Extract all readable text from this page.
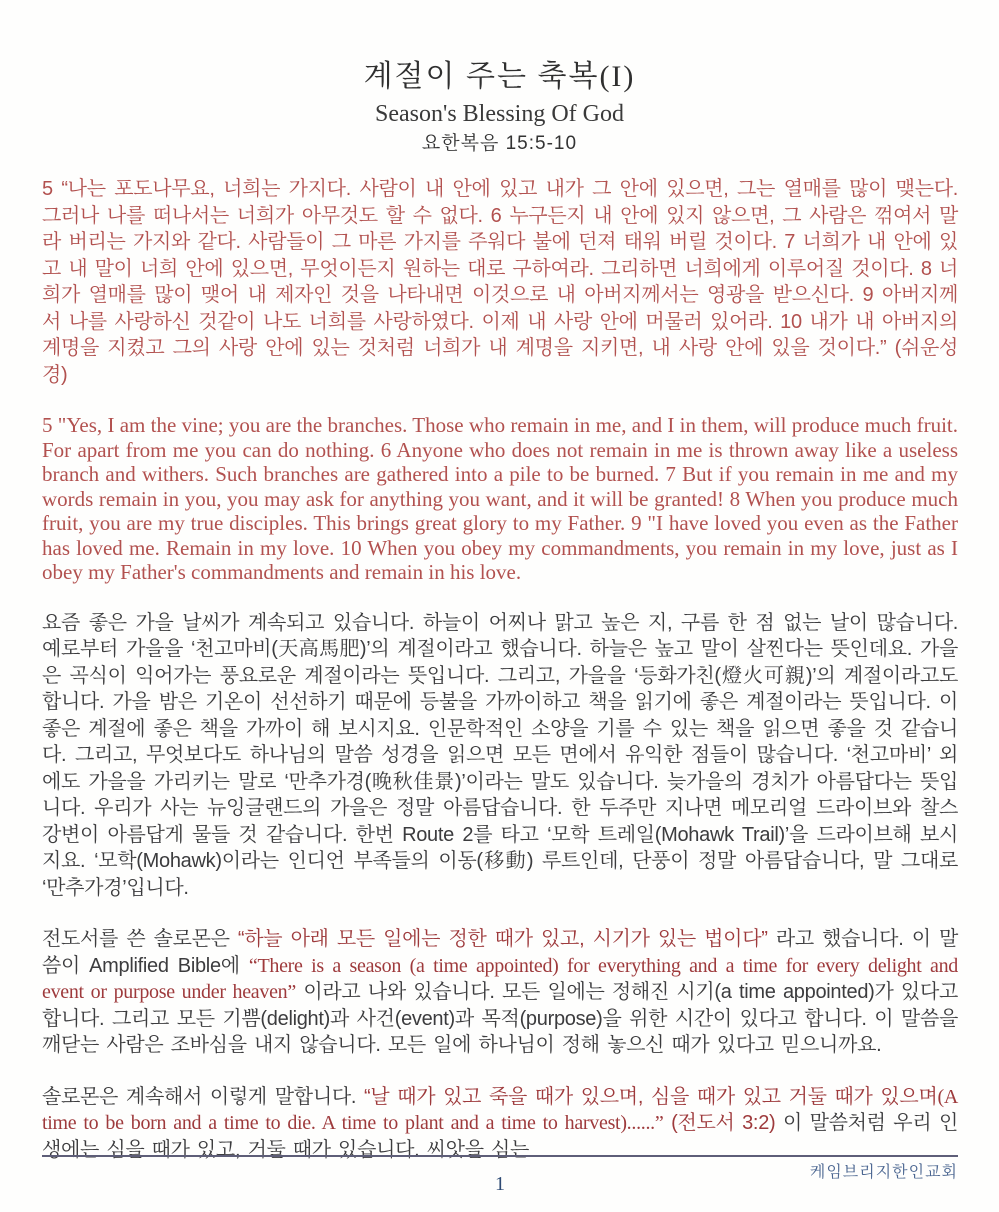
계절이 주는 축복(I)
Season's Blessing Of God
요한복음 15:5-10

5 “나는 포도나무요, 너희는 가지다. 사람이 내 안에 있고 내가 그 안에 있으면, 그는 열매를 많이 맺는다. 그러나 나를 떠나서는 너희가 아무것도 할 수 없다. 6 누구든지 내 안에 있지 않으면, 그 사람은 꺾여서 말라 버리는 가지와 같다. 사람들이 그 마른 가지를 주워다 불에 던져 태워 버릴 것이다. 7 너희가 내 안에 있고 내 말이 너희 안에 있으면, 무엇이든지 원하는 대로 구하여라. 그리하면 너희에게 이루어질 것이다. 8 너희가 열매를 많이 맺어 내 제자인 것을 나타내면 이것으로 내 아버지께서는 영광을 받으신다. 9 아버지께서 나를 사랑하신 것같이 나도 너희를 사랑하였다. 이제 내 사랑 안에 머물러 있어라. 10 내가 내 아버지의 계명을 지켰고 그의 사랑 안에 있는 것처럼 너희가 내 계명을 지키면, 내 사랑 안에 있을 것이다.” (쉬운성경)

5 "Yes, I am the vine; you are the branches. Those who remain in me, and I in them, will produce much fruit. For apart from me you can do nothing. 6 Anyone who does not remain in me is thrown away like a useless branch and withers. Such branches are gathered into a pile to be burned. 7 But if you remain in me and my words remain in you, you may ask for anything you want, and it will be granted! 8 When you produce much fruit, you are my true disciples. This brings great glory to my Father. 9 "I have loved you even as the Father has loved me. Remain in my love. 10 When you obey my commandments, you remain in my love, just as I obey my Father's commandments and remain in his love.

요즘 좋은 가을 날씨가 계속되고 있습니다. 하늘이 어찌나 맑고 높은 지, 구름 한 점 없는 날이 많습니다. 예로부터 가을을 ‘천고마비(天高馬肥)’의 계절이라고 했습니다. 하늘은 높고 말이 살찐다는 뜻인데요. 가을은 곡식이 익어가는 풍요로운 계절이라는 뜻입니다. 그리고, 가을을 ‘등화가친(燈火可親)’의 계절이라고도 합니다. 가을 밤은 기온이 선선하기 때문에 등불을 가까이하고 책을 읽기에 좋은 계절이라는 뜻입니다. 이 좋은 계절에 좋은 책을 가까이 해 보시지요. 인문학적인 소양을 기를 수 있는 책을 읽으면 좋을 것 같습니다. 그리고, 무엇보다도 하나님의 말씀 성경을 읽으면 모든 면에서 유익한 점들이 많습니다. ‘천고마비’ 외에도 가을을 가리키는 말로 ‘만추가경(晚秋佳景)’이라는 말도 있습니다. 늦가을의 경치가 아름답다는 뜻입니다. 우리가 사는 뉴잉글랜드의 가을은 정말 아름답습니다. 한 두주만 지나면 메모리얼 드라이브와 찰스 강변이 아름답게 물들 것 같습니다. 한번 Route 2를 타고 ‘모학 트레일(Mohawk Trail)’을 드라이브해 보시지요. ‘모학(Mohawk)이라는 인디언 부족들의 이동(移動) 루트인데, 단풍이 정말 아름답습니다, 말 그대로 ‘만추가경’입니다.

전도서를 쓴 솔로몬은 “하늘 아래 모든 일에는 정한 때가 있고, 시기가 있는 법이다” 라고 했습니다. 이 말씀이 Amplified Bible에 “There is a season (a time appointed) for everything and a time for every delight and event or purpose under heaven” 이라고 나와 있습니다. 모든 일에는 정해진 시기(a time appointed)가 있다고 합니다. 그리고 모든 기쁨(delight)과 사건(event)과 목적(purpose)을 위한 시간이 있다고 합니다. 이 말씀을 깨닫는 사람은 조바심을 내지 않습니다. 모든 일에 하나님이 정해 놓으신 때가 있다고 믿으니까요.

솔로몬은 계속해서 이렇게 말합니다. “날 때가 있고 죽을 때가 있으며, 심을 때가 있고 거둘 때가 있으며(A time to be born and a time to die. A time to plant and a time to harvest)......” (전도서 3:2) 이 말씀처럼 우리 인생에는 심을 때가 있고, 거둘 때가 있습니다. 씨앗을 심는

케임브리지한인교회
1
